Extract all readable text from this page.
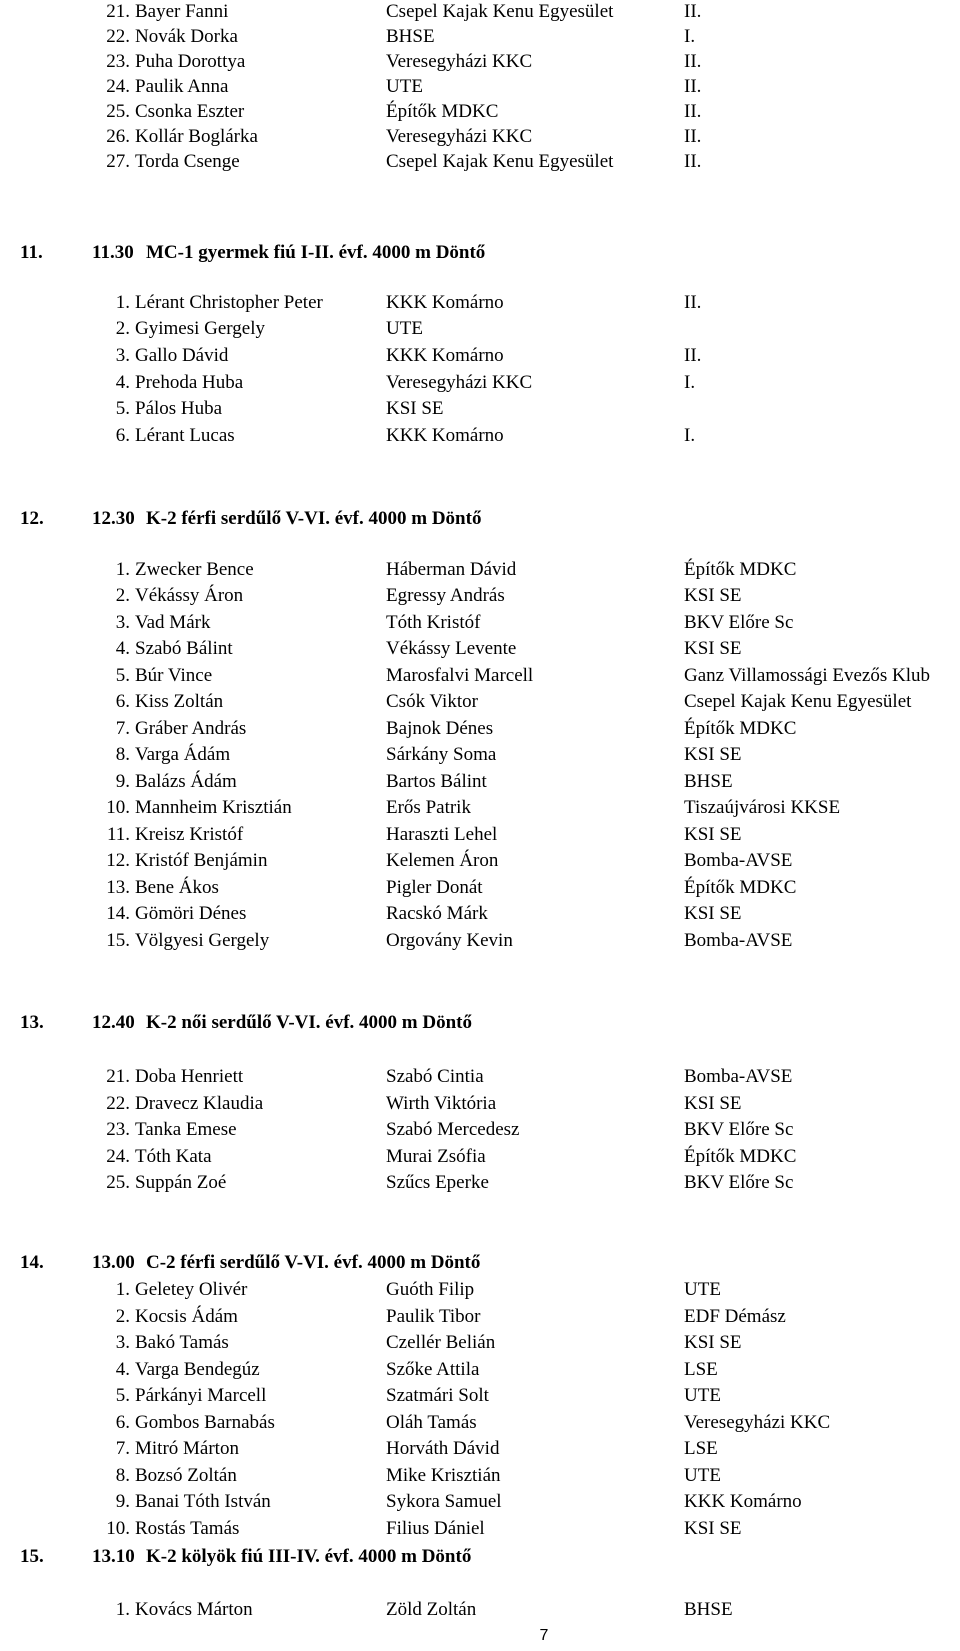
21. Bayer Fanni	Csepel Kajak Kenu Egyesület	II.
22. Novák Dorka	BHSE	I.
23. Puha Dorottya	Veresegyházi KKC	II.
24. Paulik Anna	UTE	II.
25. Csonka Eszter	Építők MDKC	II.
26. Kollár Boglárka	Veresegyházi KKC	II.
27. Torda Csenge	Csepel Kajak Kenu Egyesület	II.
11.	11.30 MC-1 gyermek fiú I-II. évf. 4000 m Döntő
1. Lérant Christopher Peter	KKK Komárno	II.
2. Gyimesi Gergely	UTE
3. Gallo Dávid	KKK Komárno	II.
4. Prehoda Huba	Veresegyházi KKC	I.
5. Pálos Huba	KSI SE
6. Lérant Lucas	KKK Komárno	I.
12.	12.30 K-2 férfi serdűlő V-VI. évf. 4000 m Döntő
1. Zwecker Bence	Háberman Dávid	Építők MDKC
2. Vékássy Áron	Egressy András	KSI SE
3. Vad Márk	Tóth Kristóf	BKV Előre Sc
4. Szabó Bálint	Vékássy Levente	KSI SE
5. Búr Vince	Marosfalvi Marcell	Ganz Villamossági Evezős Klub
6. Kiss Zoltán	Csók Viktor	Csepel Kajak Kenu Egyesület
7. Gráber András	Bajnok Dénes	Építők MDKC
8. Varga Ádám	Sárkány Soma	KSI SE
9. Balázs Ádám	Bartos Bálint	BHSE
10. Mannheim Krisztián	Erős Patrik	Tiszaújvárosi KKSE
11. Kreisz Kristóf	Haraszti Lehel	KSI SE
12. Kristóf Benjámin	Kelemen Áron	Bomba-AVSE
13. Bene Ákos	Pigler Donát	Építők MDKC
14. Gömöri Dénes	Racskó Márk	KSI SE
15. Völgyesi Gergely	Orgovány Kevin	Bomba-AVSE
13.	12.40 K-2 női serdűlő V-VI. évf. 4000 m Döntő
21. Doba Henriett	Szabó Cintia	Bomba-AVSE
22. Dravecz Klaudia	Wirth Viktória	KSI SE
23. Tanka Emese	Szabó Mercedesz	BKV Előre Sc
24. Tóth Kata	Murai Zsófia	Építők MDKC
25. Suppán Zoé	Szűcs Eperke	BKV Előre Sc
14.	13.00 C-2 férfi serdűlő V-VI. évf. 4000 m Döntő
1. Geletey Olivér	Guóth Filip	UTE
2. Kocsis Ádám	Paulik Tibor	EDF Démász
3. Bakó Tamás	Czellér Belián	KSI SE
4. Varga Bendegúz	Szőke Attila	LSE
5. Párkányi Marcell	Szatmári Solt	UTE
6. Gombos Barnabás	Oláh Tamás	Veresegyházi KKC
7. Mitró Márton	Horváth Dávid	LSE
8. Bozsó Zoltán	Mike Krisztián	UTE
9. Banai Tóth István	Sykora Samuel	KKK Komárno
10. Rostás Tamás	Filius Dániel	KSI SE
15.	13.10 K-2 kölyök fiú III-IV. évf. 4000 m Döntő
1. Kovács Márton	Zöld Zoltán	BHSE
7
